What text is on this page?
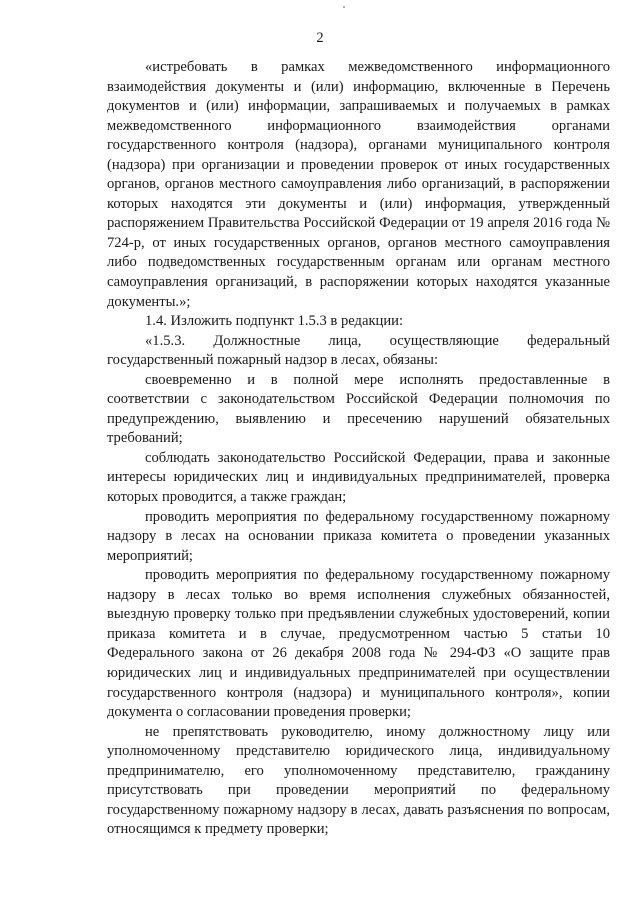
2

«истребовать в рамках межведомственного информационного взаимодействия документы и (или) информацию, включенные в Перечень документов и (или) информации, запрашиваемых и получаемых в рамках межведомственного информационного взаимодействия органами государственного контроля (надзора), органами муниципального контроля (надзора) при организации и проведении проверок от иных государственных органов, органов местного самоуправления либо организаций, в распоряжении которых находятся эти документы и (или) информация, утвержденный распоряжением Правительства Российской Федерации от 19 апреля 2016 года № 724-р, от иных государственных органов, органов местного самоуправления либо подведомственных государственным органам или органам местного самоуправления организаций, в распоряжении которых находятся указанные документы.»;

1.4. Изложить подпункт 1.5.3 в редакции:

«1.5.3. Должностные лица, осуществляющие федеральный государственный пожарный надзор в лесах, обязаны:

своевременно и в полной мере исполнять предоставленные в соответствии с законодательством Российской Федерации полномочия по предупреждению, выявлению и пресечению нарушений обязательных требований;

соблюдать законодательство Российской Федерации, права и законные интересы юридических лиц и индивидуальных предпринимателей, проверка которых проводится, а также граждан;

проводить мероприятия по федеральному государственному пожарному надзору в лесах на основании приказа комитета о проведении указанных мероприятий;

проводить мероприятия по федеральному государственному пожарному надзору в лесах только во время исполнения служебных обязанностей, выездную проверку только при предъявлении служебных удостоверений, копии приказа комитета и в случае, предусмотренном частью 5 статьи 10 Федерального закона от 26 декабря 2008 года № 294-ФЗ «О защите прав юридических лиц и индивидуальных предпринимателей при осуществлении государственного контроля (надзора) и муниципального контроля», копии документа о согласовании проведения проверки;

не препятствовать руководителю, иному должностному лицу или уполномоченному представителю юридического лица, индивидуальному предпринимателю, его уполномоченному представителю, гражданину присутствовать при проведении мероприятий по федеральному государственному пожарному надзору в лесах, давать разъяснения по вопросам, относящимся к предмету проверки;
